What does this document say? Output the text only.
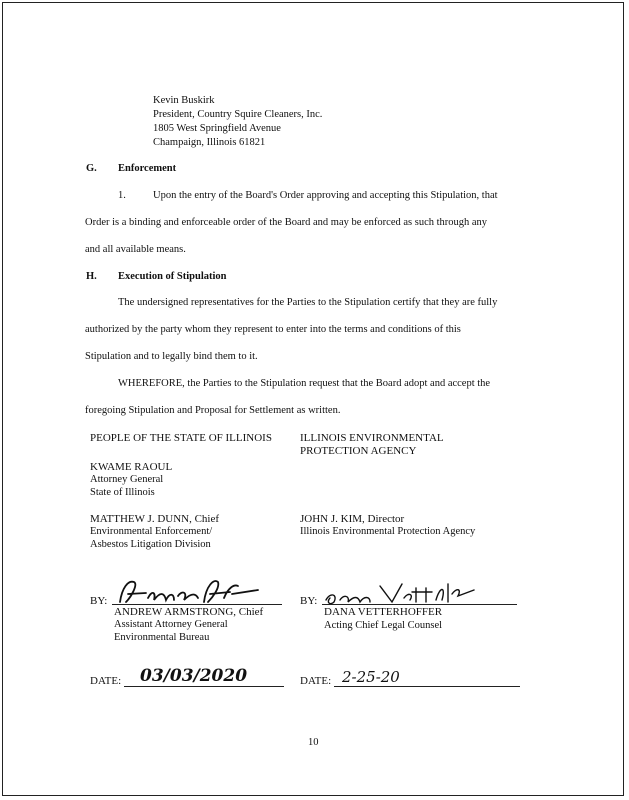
Kevin Buskirk
President, Country Squire Cleaners, Inc.
1805 West Springfield Avenue
Champaign, Illinois 61821
G. Enforcement
1.	Upon the entry of the Board's Order approving and accepting this Stipulation, that
Order is a binding and enforceable order of the Board and may be enforced as such through any
and all available means.
H. Execution of Stipulation
The undersigned representatives for the Parties to the Stipulation certify that they are fully
authorized by the party whom they represent to enter into the terms and conditions of this
Stipulation and to legally bind them to it.
WHEREFORE, the Parties to the Stipulation request that the Board adopt and accept the
foregoing Stipulation and Proposal for Settlement as written.
PEOPLE OF THE STATE OF ILLINOIS
KWAME RAOUL
Attorney General
State of Illinois
MATTHEW J. DUNN, Chief
Environmental Enforcement/
Asbestos Litigation Division
ILLINOIS ENVIRONMENTAL
PROTECTION AGENCY
JOHN J. KIM, Director
Illinois Environmental Protection Agency
BY:
ANDREW ARMSTRONG, Chief
Assistant Attorney General
Environmental Bureau
BY:
DANA VETTERHOFFER
Acting Chief Legal Counsel
DATE: 03/03/2020	DATE: 2-25-20
10
